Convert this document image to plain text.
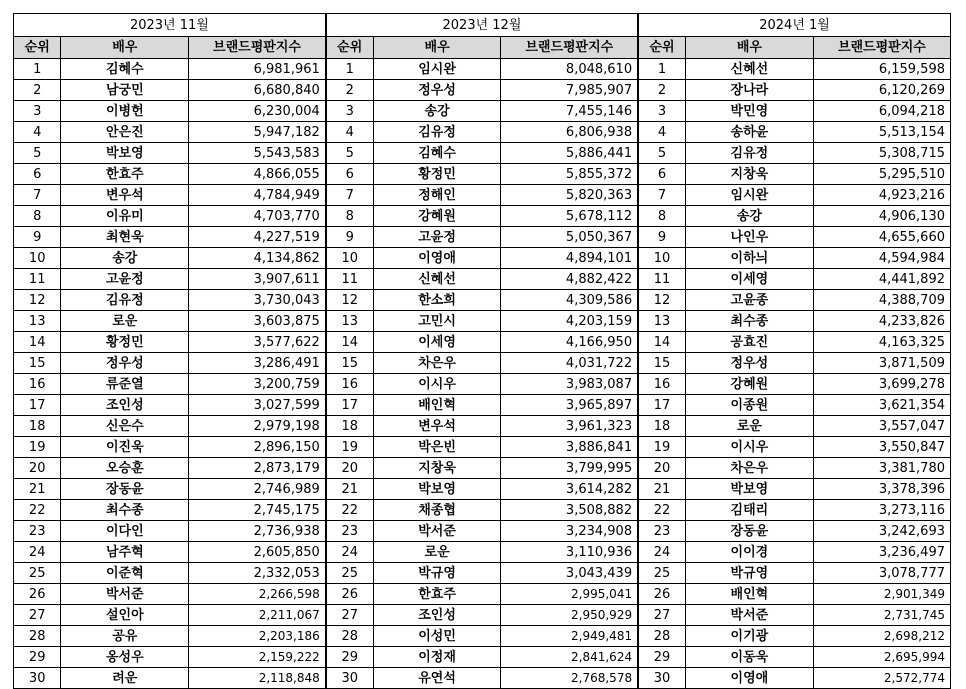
2023년 11월			2023년 12월			2024년 1월		
순위	배우	브랜드평판지수	순위	배우	브랜드평판지수	순위	배우	브랜드평판지수
1	김혜수	6,981,961	1	임시완	8,048,610	1	신혜선	6,159,598
2	남궁민	6,680,840	2	정우성	7,985,907	2	장나라	6,120,269
3	이병헌	6,230,004	3	송강	7,455,146	3	박민영	6,094,218
4	안은진	5,947,182	4	김유정	6,806,938	4	송하윤	5,513,154
5	박보영	5,543,583	5	김혜수	5,886,441	5	김유정	5,308,715
6	한효주	4,866,055	6	황정민	5,855,372	6	지창욱	5,295,510
7	변우석	4,784,949	7	정해인	5,820,363	7	임시완	4,923,216
8	이유미	4,703,770	8	강혜원	5,678,112	8	송강	4,906,130
9	최현욱	4,227,519	9	고윤정	5,050,367	9	나인우	4,655,660
10	송강	4,134,862	10	이영애	4,894,101	10	이하늬	4,594,984
11	고윤정	3,907,611	11	신혜선	4,882,422	11	이세영	4,441,892
12	김유정	3,730,043	12	한소희	4,309,586	12	고윤종	4,388,709
13	로운	3,603,875	13	고민시	4,203,159	13	최수종	4,233,826
14	황정민	3,577,622	14	이세영	4,166,950	14	공효진	4,163,325
15	정우성	3,286,491	15	차은우	4,031,722	15	정우성	3,871,509
16	류준열	3,200,759	16	이시우	3,983,087	16	강혜원	3,699,278
17	조인성	3,027,599	17	배인혁	3,965,897	17	이종원	3,621,354
18	신은수	2,979,198	18	변우석	3,961,323	18	로운	3,557,047
19	이진욱	2,896,150	19	박은빈	3,886,841	19	이시우	3,550,847
20	오승훈	2,873,179	20	지창욱	3,799,995	20	차은우	3,381,780
21	장동윤	2,746,989	21	박보영	3,614,282	21	박보영	3,378,396
22	최수종	2,745,175	22	채종협	3,508,882	22	김태리	3,273,116
23	이다인	2,736,938	23	박서준	3,234,908	23	장동윤	3,242,693
24	남주혁	2,605,850	24	로운	3,110,936	24	이이경	3,236,497
25	이준혁	2,332,053	25	박규영	3,043,439	25	박규영	3,078,777
26	박서준	2,266,598	26	한효주	2,995,041	26	배인혁	2,901,349
27	설인아	2,211,067	27	조인성	2,950,929	27	박서준	2,731,745
28	공유	2,203,186	28	이성민	2,949,481	28	이기광	2,698,212
29	옹성우	2,159,222	29	이정재	2,841,624	29	이동욱	2,695,994
30	려운	2,118,848	30	유연석	2,768,578	30	이영애	2,572,774
